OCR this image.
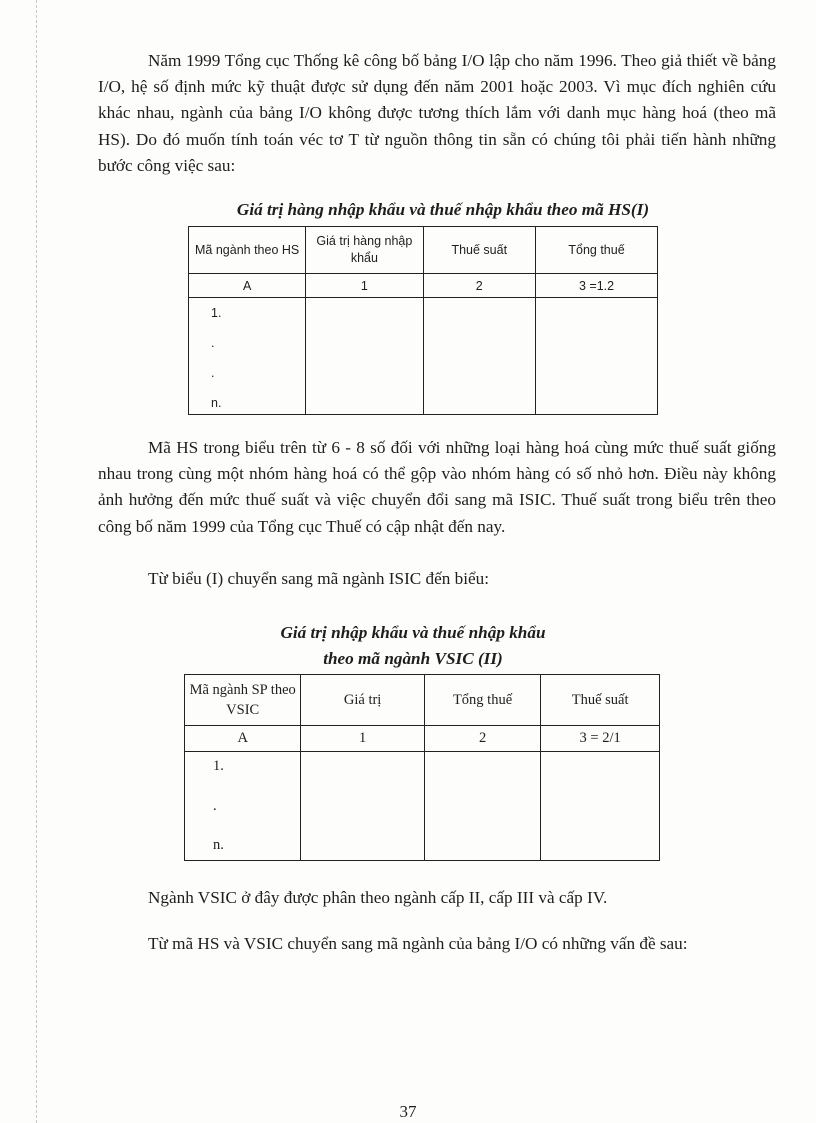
Năm 1999 Tổng cục Thống kê công bố bảng I/O lập cho năm 1996. Theo giả thiết về bảng I/O, hệ số định mức kỹ thuật được sử dụng đến năm 2001 hoặc 2003. Vì mục đích nghiên cứu khác nhau, ngành của bảng I/O không được tương thích lắm với danh mục hàng hoá (theo mã HS). Do đó muốn tính toán véc tơ T từ nguồn thông tin sẵn có chúng tôi phải tiến hành những bước công việc sau:

Giá trị hàng nhập khẩu và thuế nhập khẩu theo mã HS(I)
Mã ngành theo HS	Giá trị hàng nhập khẩu	Thuế suất	Tổng thuế
A	1	2	3 =1.2

1.
.
.
n.			

Mã HS trong biểu trên từ 6 - 8 số đối với những loại hàng hoá cùng mức thuế suất giống nhau trong cùng một nhóm hàng hoá có thể gộp vào nhóm hàng có số nhỏ hơn. Điều này không ảnh hưởng đến mức thuế suất và việc chuyển đổi sang mã ISIC. Thuế suất trong biểu trên theo công bố năm 1999 của Tổng cục Thuế có cập nhật đến nay.

Từ biểu (I) chuyển sang mã ngành ISIC đến biểu:

Giá trị nhập khẩu và thuế nhập khẩu
theo mã ngành VSIC (II)
Mã ngành SP theo VSIC	Giá trị	Tổng thuế	Thuế suất
A	1	2	3 = 2/1

1.
.
n.			

Ngành VSIC ở đây được phân theo ngành cấp II, cấp III và cấp IV.

Từ mã HS và VSIC chuyển sang mã ngành của bảng I/O có những vấn đề sau:

37
